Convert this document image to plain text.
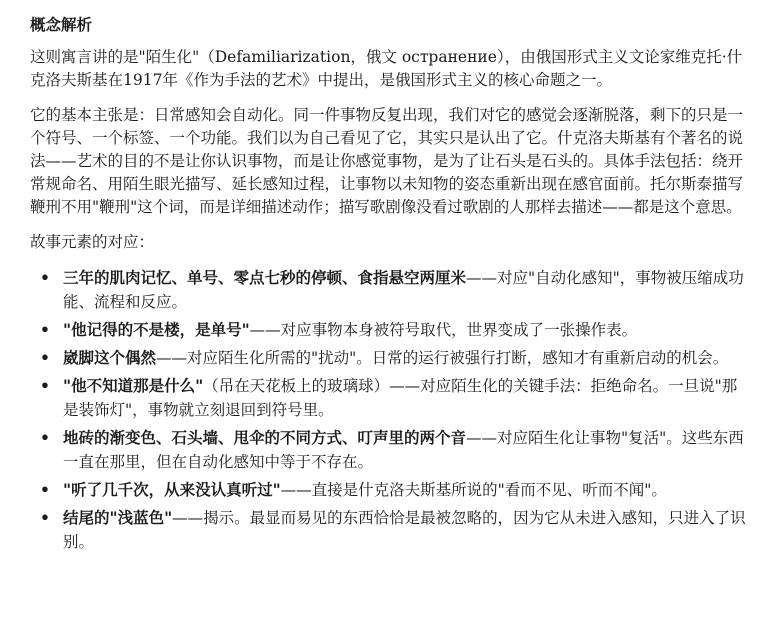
概念解析

这则寓言讲的是"陌生化"（Defamiliarization，俄文 остранение），由俄国形式主义文论家维克托·什克洛夫斯基在1917年《作为手法的艺术》中提出，是俄国形式主义的核心命题之一。

它的基本主张是：日常感知会自动化。同一件事物反复出现，我们对它的感觉会逐渐脱落，剩下的只是一个符号、一个标签、一个功能。我们以为自己看见了它，其实只是认出了它。什克洛夫斯基有个著名的说法——艺术的目的不是让你认识事物，而是让你感觉事物，是为了让石头是石头的。具体手法包括：绕开常规命名、用陌生眼光描写、延长感知过程，让事物以未知物的姿态重新出现在感官面前。托尔斯泰描写鞭刑不用"鞭刑"这个词，而是详细描述动作；描写歌剧像没看过歌剧的人那样去描述——都是这个意思。

故事元素的对应：

• 三年的肌肉记忆、单号、零点七秒的停顿、食指悬空两厘米——对应"自动化感知"，事物被压缩成功能、流程和反应。
• "他记得的不是楼，是单号"——对应事物本身被符号取代，世界变成了一张操作表。
• 崴脚这个偶然——对应陌生化所需的"扰动"。日常的运行被强行打断，感知才有重新启动的机会。
• "他不知道那是什么"（吊在天花板上的玻璃球）——对应陌生化的关键手法：拒绝命名。一旦说"那是装饰灯"，事物就立刻退回到符号里。
• 地砖的渐变色、石头墙、甩伞的不同方式、叮声里的两个音——对应陌生化让事物"复活"。这些东西一直在那里，但在自动化感知中等于不存在。
• "听了几千次，从来没认真听过"——直接是什克洛夫斯基所说的"看而不见、听而不闻"。
• 结尾的"浅蓝色"——揭示。最显而易见的东西恰恰是最被忽略的，因为它从未进入感知，只进入了识别。
